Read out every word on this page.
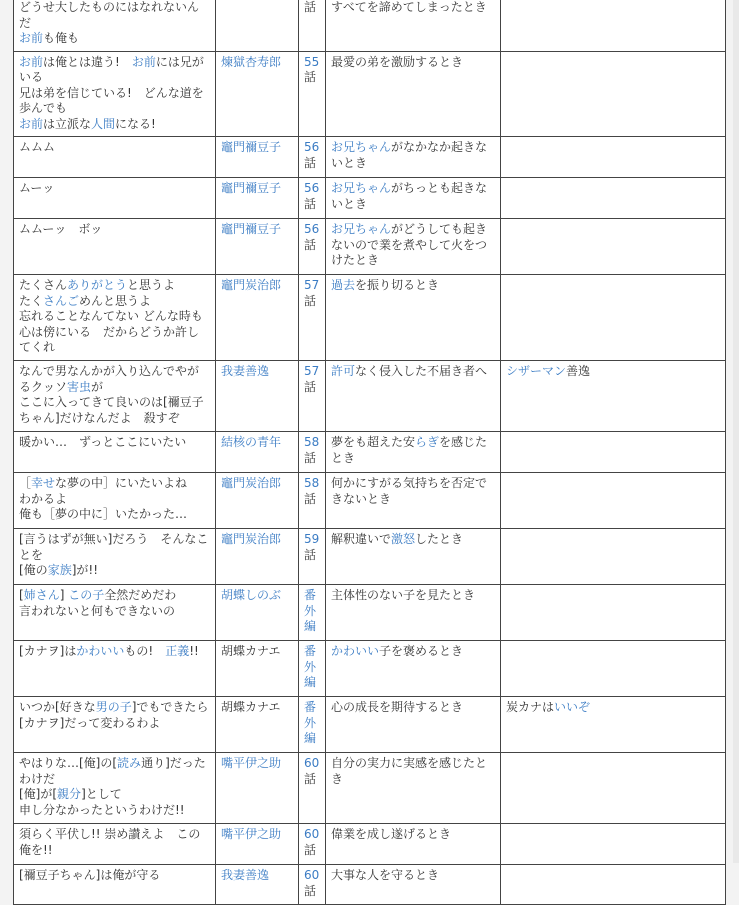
どうせ大したものにはなれないんだ
お前も俺も		話	すべてを諦めてしまったとき	

お前は俺とは違う!　お前には兄がいる
兄は弟を信じている!　どんな道を歩んでも
お前は立派な人間になる!	煉獄杏寿郎	55話	最愛の弟を激励するとき	

ムムム	竈門禰豆子	56話	お兄ちゃんがなかなか起きないとき	

ムーッ	竈門禰豆子	56話	お兄ちゃんがちっとも起きないとき	

ムムーッ　ボッ	竈門禰豆子	56話	お兄ちゃんがどうしても起きないので業を煮やして火をつけたとき	

たくさんありがとうと思うよ
たくさんごめんと思うよ
忘れることなんてない どんな時も心は傍にいる　だからどうか許してくれ	竈門炭治郎	57話	過去を振り切るとき	

なんで男なんかが入り込んでやがるクッソ害虫が
ここに入ってきて良いのは[禰豆子ちゃん]だけなんだよ　殺すぞ	我妻善逸	57話	許可なく侵入した不届き者へ	シザーマン善逸

暖かい…　ずっとここにいたい	結核の青年	58話	夢をも超えた安らぎを感じたとき	

［幸せな夢の中］にいたいよね　わかるよ
俺も［夢の中に］いたかった…	竈門炭治郎	58話	何かにすがる気持ちを否定できないとき	

[言うはずが無い]だろう　そんなことを
[俺の家族]が!!	竈門炭治郎	59話	解釈違いで激怒したとき	

[姉さん] この子全然だめだわ
言われないと何もできないの	胡蝶しのぶ	番外編	主体性のない子を見たとき	

[カナヲ]はかわいいもの!　正義!!	胡蝶カナエ	番外編	かわいい子を褒めるとき	

いつか[好きな男の子]でもできたら
[カナヲ]だって変わるわよ	胡蝶カナエ	番外編	心の成長を期待するとき	炭カナはいいぞ

やはりな…[俺]の[読み通り]だったわけだ
[俺]が[親分]として
申し分なかったというわけだ!!	嘴平伊之助	60話	自分の実力に実感を感じたとき	

須らく平伏し!! 崇め讃えよ　この俺を!!	嘴平伊之助	60話	偉業を成し遂げるとき	

[禰豆子ちゃん]は俺が守る	我妻善逸	60話	大事な人を守るとき	
